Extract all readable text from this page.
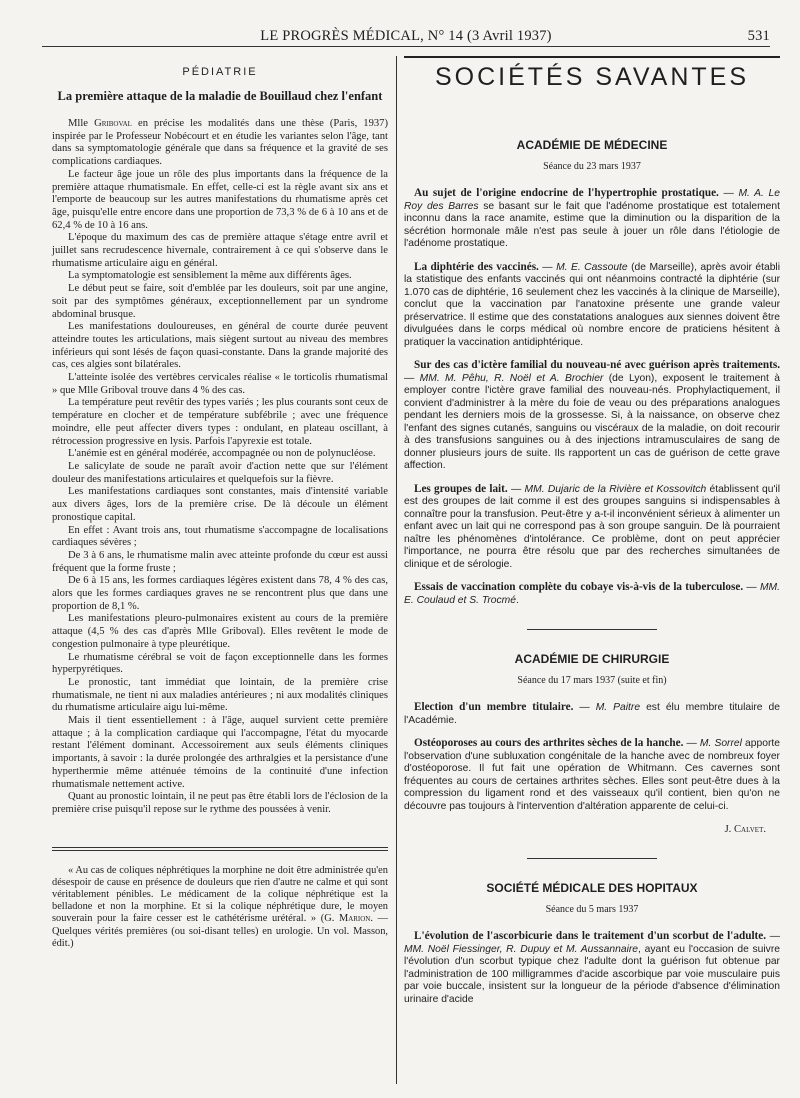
LE PROGRÈS MÉDICAL, N° 14 (3 Avril 1937)	531
PÉDIATRIE
La première attaque de la maladie de Bouillaud chez l'enfant

Mlle Griboval en précise les modalités dans une thèse (Paris, 1937) inspirée par le Professeur Nobécourt et en étudie les variantes selon l'âge, tant dans sa symptomatologie générale que dans sa fréquence et la gravité de ses complications cardiaques.

Le facteur âge joue un rôle des plus importants dans la fréquence de la première attaque rhumatismale. En effet, celle-ci est la règle avant six ans et l'emporte de beaucoup sur les autres manifestations du rhumatisme après cet âge, puisqu'elle entre encore dans une proportion de 73,3 % de 6 à 10 ans et de 62,4 % de 10 à 16 ans.

L'époque du maximum des cas de première attaque s'étage entre avril et juillet sans recrudescence hivernale, contrairement à ce qui s'observe dans le rhumatisme articulaire aigu en général.

La symptomatologie est sensiblement la même aux différents âges.

Le début peut se faire, soit d'emblée par les douleurs, soit par une angine, soit par des symptômes généraux, exceptionnellement par un syndrome abdominal brusque.

Les manifestations douloureuses, en général de courte durée peuvent atteindre toutes les articulations, mais siègent surtout au niveau des membres inférieurs qui sont lésés de façon quasi-constante. Dans la grande majorité des cas, ces algies sont bilatérales.

L'atteinte isolée des vertèbres cervicales réalise « le torticolis rhumatismal » que Mlle Griboval trouve dans 4 % des cas.

La température peut revêtir des types variés ; les plus courants sont ceux de température en clocher et de température subfébrile ; avec une fréquence moindre, elle peut affecter divers types : ondulant, en plateau oscillant, à rétrocession progressive en lysis. Parfois l'apyrexie est totale.

L'anémie est en général modérée, accompagnée ou non de polynucléose.

Le salicylate de soude ne paraît avoir d'action nette que sur l'élément douleur des manifestations articulaires et quelquefois sur la fièvre.

Les manifestations cardiaques sont constantes, mais d'intensité variable aux divers âges, lors de la première crise. De là découle un élément pronostique capital.

En effet : Avant trois ans, tout rhumatisme s'accompagne de localisations cardiaques sévères ;

De 3 à 6 ans, le rhumatisme malin avec atteinte profonde du cœur est aussi fréquent que la forme fruste ;

De 6 à 15 ans, les formes cardiaques légères existent dans 78, 4 % des cas, alors que les formes cardiaques graves ne se rencontrent plus que dans une proportion de 8,1 %.

Les manifestations pleuro-pulmonaires existent au cours de la première attaque (4,5 % des cas d'après Mlle Griboval). Elles revêtent le mode de congestion pulmonaire à type pleurétique.

Le rhumatisme cérébral se voit de façon exceptionnelle dans les formes hyperpyrétiques.

Le pronostic, tant immédiat que lointain, de la première crise rhumatismale, ne tient ni aux maladies antérieures ; ni aux modalités cliniques du rhumatisme articulaire aigu lui-même.

Mais il tient essentiellement : à l'âge, auquel survient cette première attaque ; à la complication cardiaque qui l'accompagne, l'état du myocarde restant l'élément dominant. Accessoirement aux seuls éléments cliniques importants, à savoir : la durée prolongée des arthralgies et la persistance d'une hyperthermie même atténuée témoins de la continuité d'une infection rhumatismale nettement active.

Quant au pronostic lointain, il ne peut pas être établi lors de l'éclosion de la première crise puisqu'il repose sur le rythme des poussées à venir.

« Au cas de coliques néphrétiques la morphine ne doit être administrée qu'en désespoir de cause en présence de douleurs que rien d'autre ne calme et qui sont véritablement pénibles. Le médicament de la colique néphrétique est la belladone et non la morphine. Et si la colique néphrétique dure, le moyen souverain pour la faire cesser est le cathétérisme urétéral. » (G. Marion. — Quelques vérités premières (ou soi-disant telles) en urologie. Un vol. Masson, édit.)

SOCIÉTÉS SAVANTES
ACADÉMIE DE MÉDECINE
Séance du 23 mars 1937

Au sujet de l'origine endocrine de l'hypertrophie prostatique. — M. A. Le Roy des Barres se basant sur le fait que l'adénome prostatique est totalement inconnu dans la race anamite, estime que la diminution ou la disparition de la sécrétion hormonale mâle n'est pas seule à jouer un rôle dans l'étiologie de l'adénome prostatique.

La diphtérie des vaccinés. — M. E. Cassoute (de Marseille), après avoir établi la statistique des enfants vaccinés qui ont néanmoins contracté la diphtérie (sur 1.070 cas de diphtérie, 16 seulement chez les vaccinés à la clinique de Marseille), conclut que la vaccination par l'anatoxine présente une grande valeur préservatrice. Il estime que des constatations analogues aux siennes doivent être divulguées dans le corps médical où nombre encore de praticiens hésitent à pratiquer la vaccination antidiphtérique.

Sur des cas d'ictère familial du nouveau-né avec guérison après traitements. — MM. M. Pêhu, R. Noël et A. Brochier (de Lyon), exposent le traitement à employer contre l'ictère grave familial des nouveau-nés. Prophylactiquement, il convient d'administrer à la mère du foie de veau ou des préparations analogues pendant les derniers mois de la grossesse. Si, à la naissance, on observe chez l'enfant des signes cutanés, sanguins ou viscéraux de la maladie, on doit recourir à des transfusions sanguines ou à des injections intramusculaires de sang de donner plusieurs jours de suite. Ils rapportent un cas de guérison de cette grave affection.

Les groupes de lait. — MM. Dujaric de la Rivière et Kossovitch établissent qu'il est des groupes de lait comme il est des groupes sanguins si indispensables à connaître pour la transfusion. Peut-être y a-t-il inconvénient sérieux à alimenter un enfant avec un lait qui ne correspond pas à son groupe sanguin. De là pourraient naître les phénomènes d'intolérance. Ce problème, dont on peut apprécier l'importance, ne pourra être résolu que par des recherches simultanées de clinique et de sérologie.

Essais de vaccination complète du cobaye vis-à-vis de la tuberculose. — MM. E. Coulaud et S. Trocmé.

ACADÉMIE DE CHIRURGIE
Séance du 17 mars 1937 (suite et fin)

Election d'un membre titulaire. — M. Paitre est élu membre titulaire de l'Académie.

Ostéoporoses au cours des arthrites sèches de la hanche. — M. Sorrel apporte l'observation d'une subluxation congénitale de la hanche avec de nombreux foyer d'ostéoporose. Il fut fait une opération de Whitmann. Ces cavernes sont fréquentes au cours de certaines arthrites sèches. Elles sont peut-être dues à la compression du ligament rond et des vaisseaux qu'il contient, bien qu'on ne découvre pas toujours à l'intervention d'altération apparente de celui-ci.

J. Calvet.
SOCIÉTÉ MÉDICALE DES HOPITAUX
Séance du 5 mars 1937

L'évolution de l'ascorbicurie dans le traitement d'un scorbut de l'adulte. — MM. Noël Fiessinger, R. Dupuy et M. Aussannaire, ayant eu l'occasion de suivre l'évolution d'un scorbut typique chez l'adulte dont la guérison fut obtenue par l'administration de 100 milligrammes d'acide ascorbique par voie musculaire puis par voie buccale, insistent sur la longueur de la période d'absence d'élimination urinaire d'acide
